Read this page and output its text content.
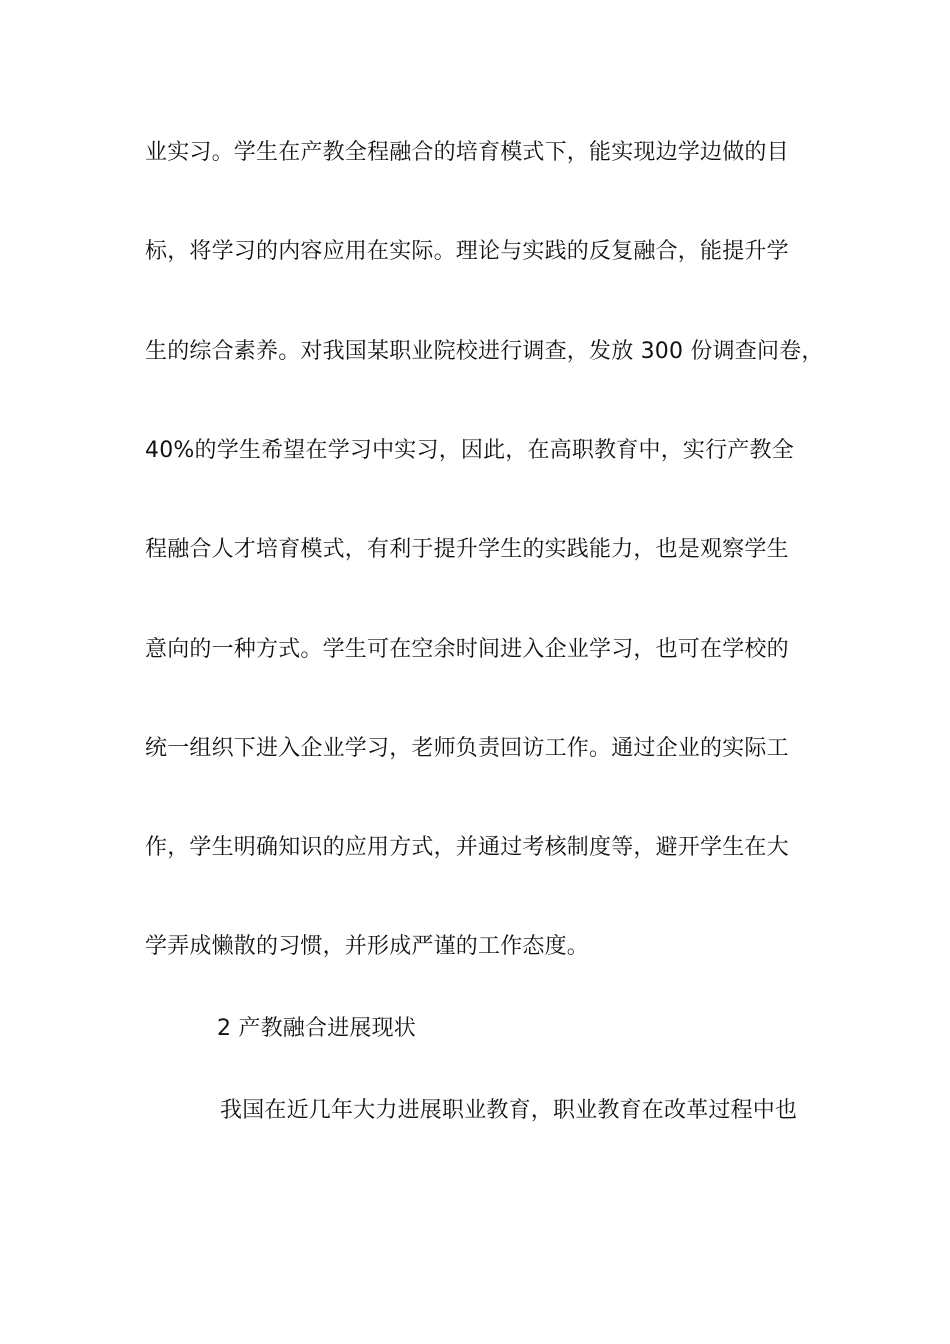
业实习。学生在产教全程融合的培育模式下，能实现边学边做的目
标，将学习的内容应用在实际。理论与实践的反复融合，能提升学
生的综合素养。对我国某职业院校进行调查，发放 300 份调查问卷，
40%的学生希望在学习中实习，因此，在高职教育中，实行产教全
程融合人才培育模式，有利于提升学生的实践能力，也是观察学生
意向的一种方式。学生可在空余时间进入企业学习，也可在学校的
统一组织下进入企业学习，老师负责回访工作。通过企业的实际工
作，学生明确知识的应用方式，并通过考核制度等，避开学生在大
学弄成懒散的习惯，并形成严谨的工作态度。
2 产教融合进展现状
我国在近几年大力进展职业教育，职业教育在改革过程中也
